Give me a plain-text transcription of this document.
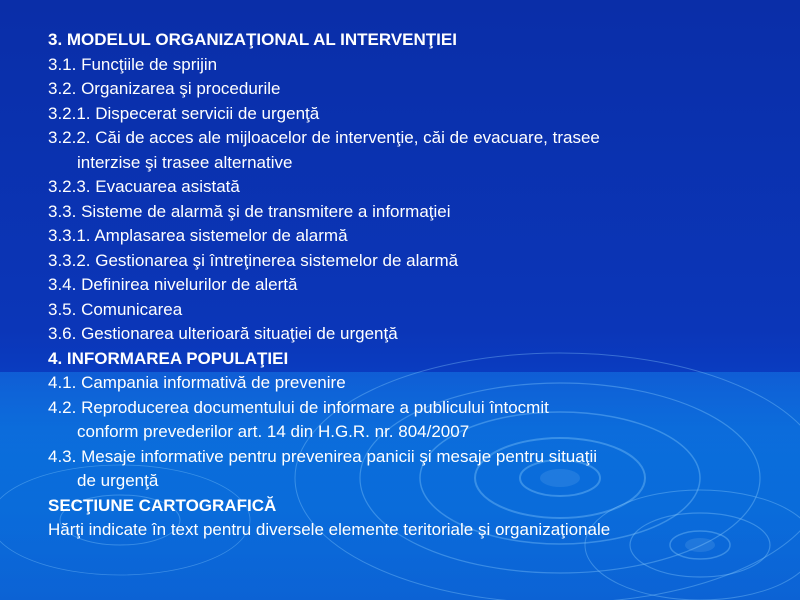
3. MODELUL ORGANIZAŢIONAL AL INTERVENŢIEI
3.1. Funcţiile de sprijin
3.2. Organizarea şi procedurile
3.2.1. Dispecerat servicii de urgenţă
3.2.2. Căi de acces ale mijloacelor de intervenţie, căi de evacuare, trasee
interzise şi trasee alternative
3.2.3. Evacuarea asistată
3.3. Sisteme de alarmă şi de transmitere a informaţiei
3.3.1. Amplasarea sistemelor de alarmă
3.3.2. Gestionarea şi întreţinerea sistemelor de alarmă
3.4. Definirea nivelurilor de alertă
3.5. Comunicarea
3.6. Gestionarea ulterioară situaţiei de urgenţă
4. INFORMAREA POPULAŢIEI
4.1. Campania informativă de prevenire
4.2. Reproducerea documentului de informare a publicului întocmit
conform prevederilor art. 14 din H.G.R. nr. 804/2007
4.3. Mesaje informative pentru prevenirea panicii şi mesaje pentru situaţii
de urgenţă
SECŢIUNE CARTOGRAFICĂ
Hărţi indicate în text pentru diversele elemente teritoriale şi organizaţionale
